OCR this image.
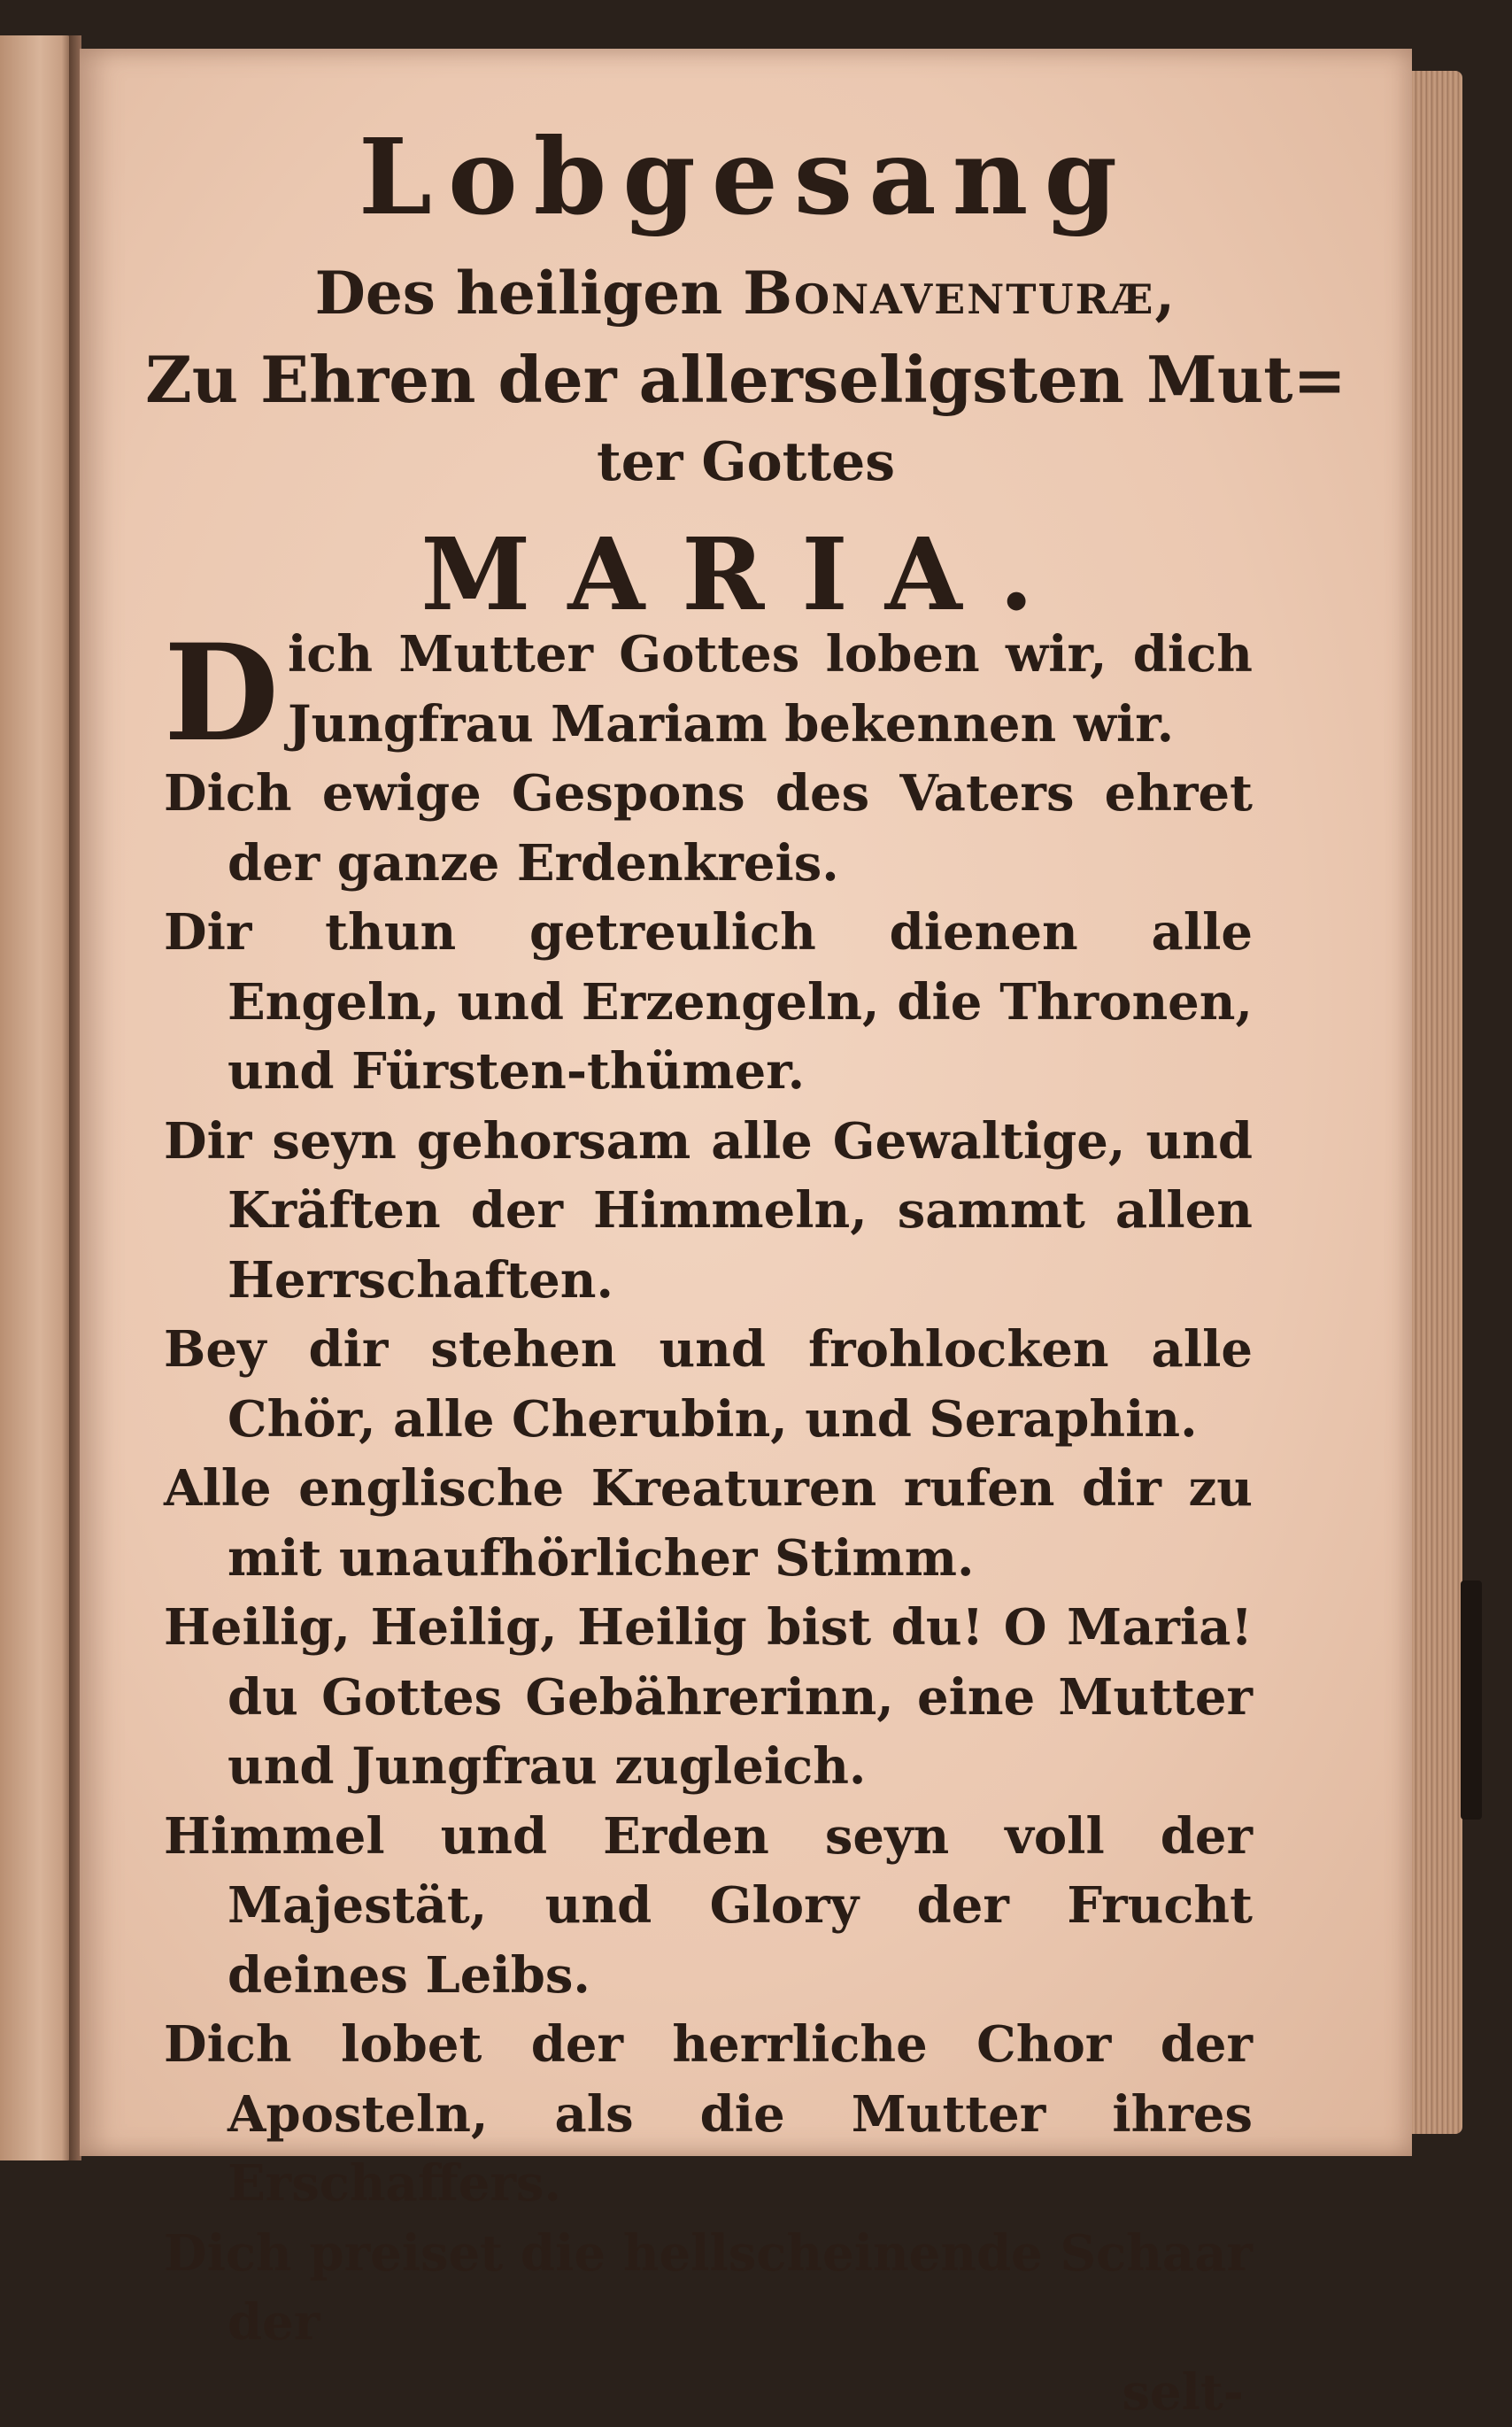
Lobgesang
Des heiligen Bonaventuræ,
Zu Ehren der allerseligsten Mut=
ter Gottes
MARIA.
D ich Mutter Gottes loben wir, dich Jungfrau Mariam bekennen wir.
Dich ewige Gespons des Vaters ehret der ganze Erdenkreis.
Dir thun getreulich dienen alle Engeln, und Erzengeln, die Thronen, und Fürsten-thümer.
Dir seyn gehorsam alle Gewaltige, und Kräften der Himmeln, sammt allen Herrschaften.
Bey dir stehen und frohlocken alle Chör, alle Cherubin, und Seraphin.
Alle englische Kreaturen rufen dir zu mit unaufhörlicher Stimm.
Heilig, Heilig, Heilig bist du! O Maria! du Gottes Gebährerinn, eine Mutter und Jungfrau zugleich.
Himmel und Erden seyn voll der Majestät, und Glory der Frucht deines Leibs.
Dich lobet der herrliche Chor der Aposteln, als die Mutter ihres Erschaffers.
Dich preiset die hellscheinende Schaar der
selt-
